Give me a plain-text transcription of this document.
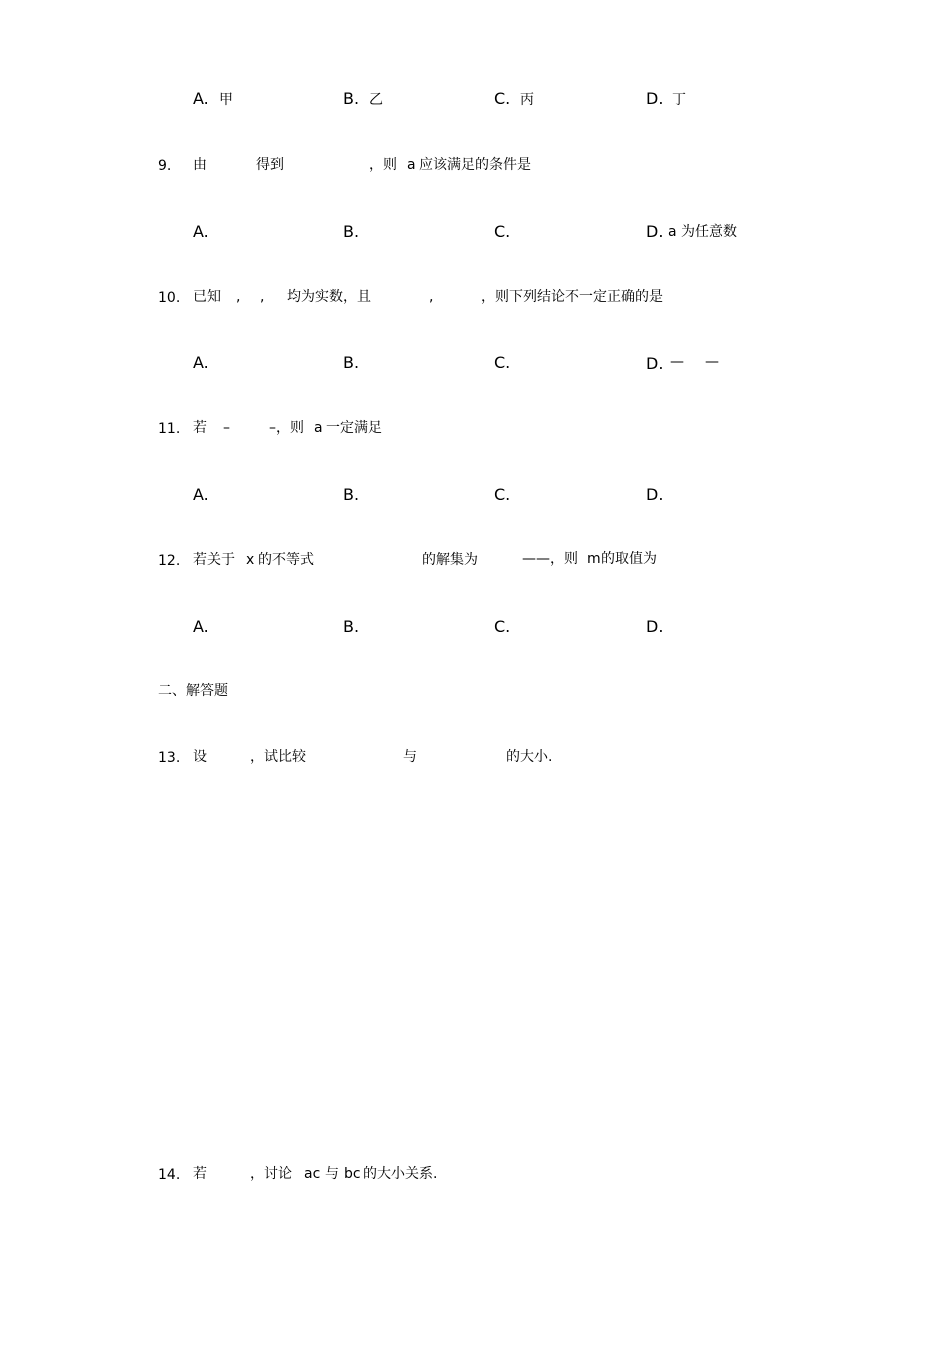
A. 甲	B. 乙	C. 丙	D. 丁
9. 由	得到	，则 a 应该满足的条件是
A.	B.	C.	D. a 为任意数
10. 已知 , , 均为实数，且	,	，则下列结论不一定正确的是
A.	B.	C.	D. — —
11. 若 –	–，则 a 一定满足
A.	B.	C.	D.
12. 若关于 x 的不等式	的解集为	——，则 m 的取值为
A.	B.	C.	D.
二、解答题
13. 设	，试比较	与	的大小.
14. 若	，讨论 ac 与 bc 的大小关系.
